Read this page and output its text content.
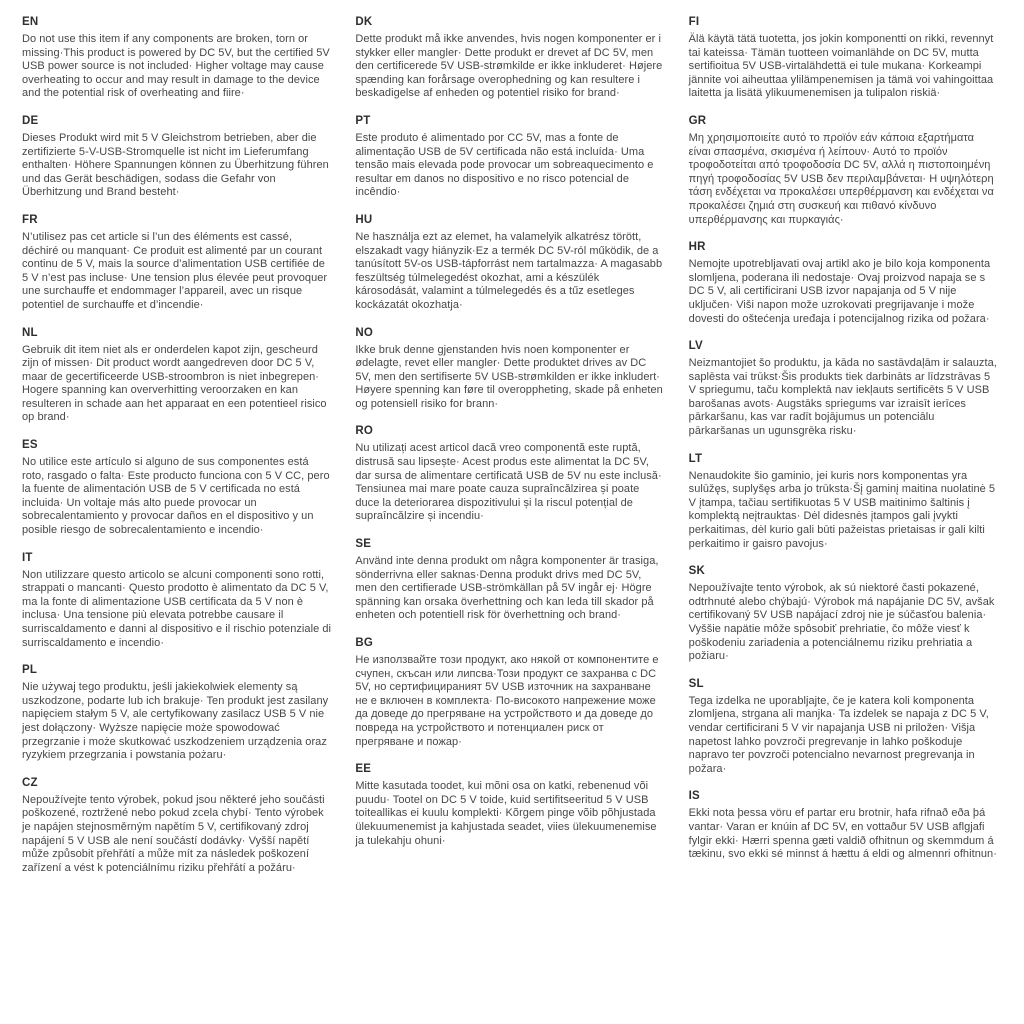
EN

Do not use this item if any components are broken, torn or missing·This product is powered by DC 5V, but the certified 5V USB power source is not included· Higher voltage may cause overheating to occur and may result in damage to the device and the potential risk of overheating and fiire·

DE

Dieses Produkt wird mit 5 V Gleichstrom betrieben, aber die zertifizierte 5-V-USB-Stromquelle ist nicht im Lieferumfang enthalten· Höhere Spannungen können zu Überhitzung führen und das Gerät beschädigen, sodass die Gefahr von Überhitzung und Brand besteht·

FR

N’utilisez pas cet article si l’un des éléments est cassé, déchiré ou manquant· Ce produit est alimenté par un courant continu de 5 V, mais la source d’alimentation USB certifiée de 5 V n’est pas incluse· Une tension plus élevée peut provoquer une surchauffe et endommager l’appareil, avec un risque potentiel de surchauffe et d’incendie·

NL

Gebruik dit item niet als er onderdelen kapot zijn, gescheurd zijn of missen· Dit product wordt aangedreven door DC 5 V, maar de gecertificeerde USB-stroombron is niet inbegrepen· Hogere spanning kan oververhitting veroorzaken en kan resulteren in schade aan het apparaat en een potentieel risico op brand·

ES

No utilice este artículo si alguno de sus componentes está roto, rasgado o falta· Este producto funciona con 5 V CC, pero la fuente de alimentación USB de 5 V certificada no está incluida· Un voltaje más alto puede provocar un sobrecalentamiento y provocar daños en el dispositivo y un posible riesgo de sobrecalentamiento e incendio·

IT

Non utilizzare questo articolo se alcuni componenti sono rotti, strappati o mancanti· Questo prodotto è alimentato da DC 5 V, ma la fonte di alimentazione USB certificata da 5 V non è inclusa· Una tensione più elevata potrebbe causare il surriscaldamento e danni al dispositivo e il rischio potenziale di surriscaldamento e incendio·

PL

Nie używaj tego produktu, jeśli jakiekolwiek elementy są uszkodzone, podarte lub ich brakuje· Ten produkt jest zasilany napięciem stałym 5 V, ale certyfikowany zasilacz USB 5 V nie jest dołączony· Wyższe napięcie może spowodować przegrzanie i może skutkować uszkodzeniem urządzenia oraz ryzykiem przegrzania i powstania pożaru·

CZ

Nepoužívejte tento výrobek, pokud jsou některé jeho součásti poškozené, roztržené nebo pokud zcela chybí· Tento výrobek je napájen stejnosměrným napětím 5 V, certifikovaný zdroj napájení 5 V USB ale není součástí dodávky· Vyšší napětí může způsobit přehřátí a může mít za následek poškození zařízení a vést k potenciálnímu riziku přehřátí a požáru·

DK

Dette produkt må ikke anvendes, hvis nogen komponenter er i stykker eller mangler· Dette produkt er drevet af DC 5V, men den certificerede 5V USB-strømkilde er ikke inkluderet· Højere spænding kan forårsage overophedning og kan resultere i beskadigelse af enheden og potentiel risiko for brand·

PT

Este produto é alimentado por CC 5V, mas a fonte de alimentação USB de 5V certificada não está incluída· Uma tensão mais elevada pode provocar um sobreaquecimento e resultar em danos no dispositivo e no risco potencial de incêndio·

HU

Ne használja ezt az elemet, ha valamelyik alkatrész törött, elszakadt vagy hiányzik·Ez a termék DC 5V-ról működik, de a tanúsított 5V-os USB-tápforrást nem tartalmazza· A magasabb feszültség túlmelegedést okozhat, ami a készülék károsodását, valamint a túlmelegedés és a tűz esetleges kockázatát okozhatja·

NO

Ikke bruk denne gjenstanden hvis noen komponenter er ødelagte, revet eller mangler· Dette produktet drives av DC 5V, men den sertifiserte 5V USB-strømkilden er ikke inkludert· Høyere spenning kan føre til overoppheting, skade på enheten og potensiell risiko for brann·

RO

Nu utilizați acest articol dacă vreo componentă este ruptă, distrusă sau lipsește· Acest produs este alimentat la DC 5V, dar sursa de alimentare certificată USB de 5V nu este inclusă· Tensiunea mai mare poate cauza supraîncălzirea și poate duce la deteriorarea dispozitivului și la riscul potențial de supraîncălzire și incendiu·

SE

Använd inte denna produkt om några komponenter är trasiga, sönderrivna eller saknas·Denna produkt drivs med DC 5V, men den certifierade USB-strömkällan på 5V ingår ej· Högre spänning kan orsaka överhettning och kan leda till skador på enheten och potentiell risk för överhettning och brand·

BG

Не използвайте този продукт, ако някой от компонентите е счупен, скъсан или липсва·Този продукт се захранва с DC 5V, но сертифицираният 5V USB източник на захранване не е включен в комплекта· По-високото напрежение може да доведе до прегряване на устройството и да доведе до повреда на устройството и потенциален риск от прегряване и пожар·

EE

Mitte kasutada toodet, kui mõni osa on katki, rebenenud või puudu· Tootel on DC 5 V toide, kuid sertifitseeritud 5 V USB toiteallikas ei kuulu komplekti· Kõrgem pinge võib põhjustada ülekuumenemist ja kahjustada seadet, viies ülekuumenemise ja tulekahju ohuni·

FI

Älä käytä tätä tuotetta, jos jokin komponentti on rikki, revennyt tai kateissa· Tämän tuotteen voimanlähde on DC 5V, mutta sertifioitua 5V USB-virtalähdettä ei tule mukana· Korkeampi jännite voi aiheuttaa ylilämpenemisen ja tämä voi vahingoittaa laitetta ja lisätä ylikuumenemisen ja tulipalon riskiä·

GR

Μη χρησιμοποιείτε αυτό το προϊόν εάν κάποια εξαρτήματα είναι σπασμένα, σκισμένα ή λείπουν· Αυτό το προϊόν τροφοδοτείται από τροφοδοσία DC 5V, αλλά η πιστοποιημένη πηγή τροφοδοσίας 5V USB δεν περιλαμβάνεται· Η υψηλότερη τάση ενδέχεται να προκαλέσει υπερθέρμανση και ενδέχεται να προκαλέσει ζημιά στη συσκευή και πιθανό κίνδυνο υπερθέρμανσης και πυρκαγιάς·

HR

Nemojte upotrebljavati ovaj artikl ako je bilo koja komponenta slomljena, poderana ili nedostaje· Ovaj proizvod napaja se s DC 5 V, ali certificirani USB izvor napajanja od 5 V nije uključen· Viši napon može uzrokovati pregrijavanje i može dovesti do oštećenja uređaja i potencijalnog rizika od požara·

LV

Neizmantojiet šo produktu, ja kāda no sastāvdaļām ir salauzta, saplēsta vai trūkst·Šis produkts tiek darbināts ar līdzstrāvas 5 V spriegumu, taču komplektā nav iekļauts sertificēts 5 V USB barošanas avots· Augstāks spriegums var izraisīt ierīces pārkaršanu, kas var radīt bojājumus un potenciālu pārkaršanas un ugunsgrēka risku·

LT

Nenaudokite šio gaminio, jei kuris nors komponentas yra sulūžęs, suplyšęs arba jo trūksta·Šį gaminį maitina nuolatinė 5 V įtampa, tačiau sertifikuotas 5 V USB maitinimo šaltinis į komplektą neįtrauktas· Dėl didesnės įtampos gali įvykti perkaitimas, dėl kurio gali būti pažeistas prietaisas ir gali kilti perkaitimo ir gaisro pavojus·

SK

Nepoužívajte tento výrobok, ak sú niektoré časti pokazené, odtrhnuté alebo chýbajú· Výrobok má napájanie DC 5V, avšak certifikovaný 5V USB napájací zdroj nie je súčasťou balenia· Vyššie napätie môže spôsobiť prehriatie, čo môže viesť k poškodeniu zariadenia a potenciálnemu riziku prehriatia a požiaru·

SL

Tega izdelka ne uporabljajte, če je katera koli komponenta zlomljena, strgana ali manjka· Ta izdelek se napaja z DC 5 V, vendar certificirani 5 V vir napajanja USB ni priložen· Višja napetost lahko povzroči pregrevanje in lahko poškoduje napravo ter povzroči potencialno nevarnost pregrevanja in požara·

IS

Ekki nota þessa vöru ef partar eru brotnir, hafa rifnað eða þá vantar· Varan er knúin af DC 5V, en vottaður 5V USB aflgjafi fylgir ekki· Hærri spenna gæti valdið ofhitnun og skemmdum á tækinu, svo ekki sé minnst á hættu á eldi og almennri ofhitnun·
